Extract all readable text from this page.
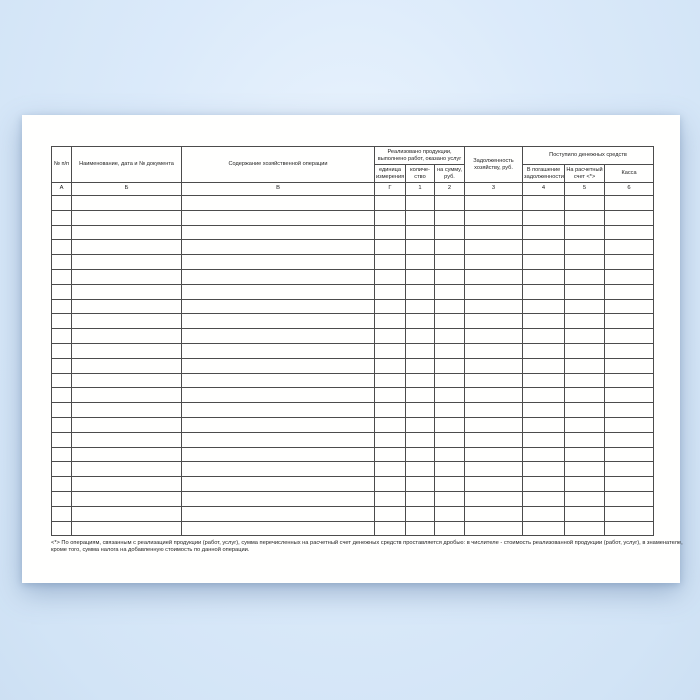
№ п/п	Наименование, дата и № документа	Содержание хозяйственной операции	Реализовано продукции, выполнено работ, оказано услуг			Задолженность хозяйству, руб.	Поступило денежных средств		
			единица измерения	количе-ство	на сумму, руб.		В погашение задолженности	На расчетный счет <*>	Касса
А	Б	В	Г	1	2	3	4	5	6

<*> По операциям, связанным с реализацией продукции (работ, услуг), сумма перечисленных на расчетный счет денежных средств проставляется дробью: в числителе - стоимость реализованной продукции (работ, услуг), в знаменателе,
кроме того, сумма налога на добавленную стоимость по данной операции.
